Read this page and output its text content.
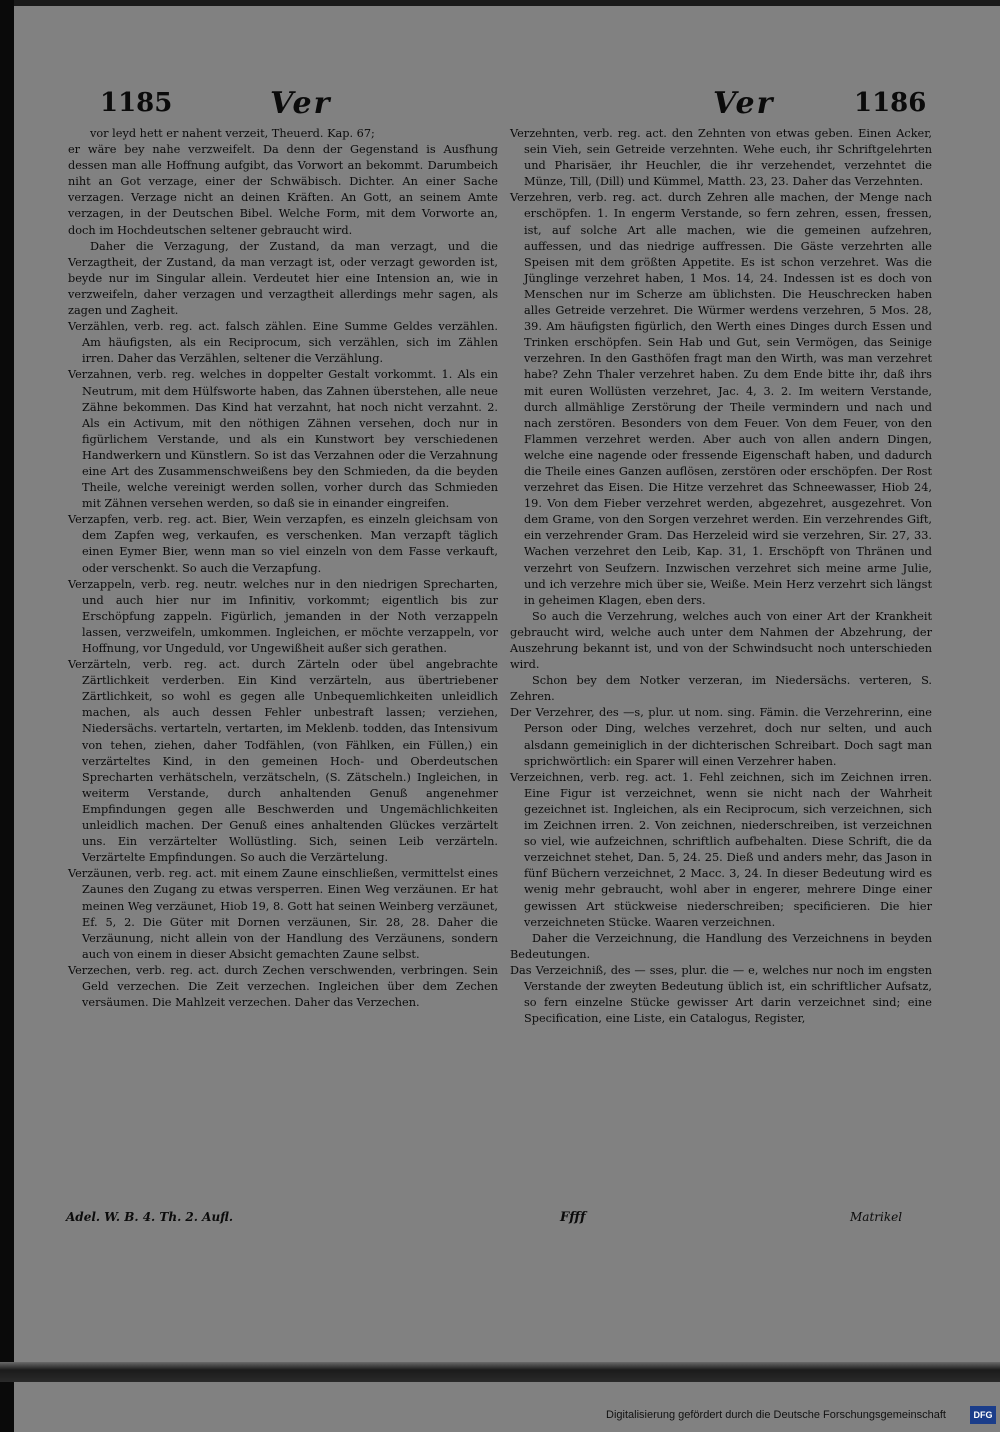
1185	Ver	Ver	1186

vor leyd hett er nahent verzeit, Theuerd. Kap. 67;

er wäre bey nahe verzweifelt. Da denn der Gegenstand is Ausfhung dessen man alle Hoffnung aufgibt, das Vorwort an bekommt. Darumbeich niht an Got verzage, einer der Schwäbisch. Dichter. An einer Sache verzagen. Verzage nicht an deinen Kräften. An Gott, an seinem Amte verzagen, in der Deutschen Bibel. Welche Form, mit dem Vorworte an, doch im Hochdeutschen seltener gebraucht wird.

Daher die Verzagung, der Zustand, da man verzagt, und die Verzagtheit, der Zustand, da man verzagt ist, oder verzagt geworden ist, beyde nur im Singular allein. Verdeutet hier eine Intension an, wie in verzweifeln, daher verzagen und verzagtheit allerdings mehr sagen, als zagen und Zagheit.

Verzählen, verb. reg. act. falsch zählen. Eine Summe Geldes verzählen. Am häufigsten, als ein Reciprocum, sich verzählen, sich im Zählen irren. Daher das Verzählen, seltener die Verzählung.

Verzahnen, verb. reg. welches in doppelter Gestalt vorkommt. 1. Als ein Neutrum, mit dem Hülfsworte haben, das Zahnen überstehen, alle neue Zähne bekommen. Das Kind hat verzahnt, hat noch nicht verzahnt. 2. Als ein Activum, mit den nöthigen Zähnen versehen, doch nur in figürlichem Verstande, und als ein Kunstwort bey verschiedenen Handwerkern und Künstlern. So ist das Verzahnen oder die Verzahnung eine Art des Zusammenschweißens bey den Schmieden, da die beyden Theile, welche vereinigt werden sollen, vorher durch das Schmieden mit Zähnen versehen werden, so daß sie in einander eingreifen.

Verzapfen, verb. reg. act. Bier, Wein verzapfen, es einzeln gleichsam von dem Zapfen weg, verkaufen, es verschenken. Man verzapft täglich einen Eymer Bier, wenn man so viel einzeln von dem Fasse verkauft, oder verschenkt. So auch die Verzapfung.

Verzappeln, verb. reg. neutr. welches nur in den niedrigen Sprecharten, und auch hier nur im Infinitiv, vorkommt; eigentlich bis zur Erschöpfung zappeln. Figürlich, jemanden in der Noth verzappeln lassen, verzweifeln, umkommen. Ingleichen, er möchte verzappeln, vor Hoffnung, vor Ungeduld, vor Ungewißheit außer sich gerathen.

Verzärteln, verb. reg. act. durch Zärteln oder übel angebrachte Zärtlichkeit verderben. Ein Kind verzärteln, aus übertriebener Zärtlichkeit, so wohl es gegen alle Unbequemlichkeiten unleidlich machen, als auch dessen Fehler unbestraft lassen; verziehen, Niedersächs. vertarteln, vertarten, im Meklenb. todden, das Intensivum von tehen, ziehen, daher Todfählen, (von Fählken, ein Füllen,) ein verzärteltes Kind, in den gemeinen Hoch- und Oberdeutschen Sprecharten verhätscheln, verzätscheln, (S. Zätscheln.) Ingleichen, in weiterm Verstande, durch anhaltenden Genuß angenehmer Empfindungen gegen alle Beschwerden und Ungemächlichkeiten unleidlich machen. Der Genuß eines anhaltenden Glückes verzärtelt uns. Ein verzärtelter Wollüstling. Sich, seinen Leib verzärteln. Verzärtelte Empfindungen. So auch die Verzärtelung.

Verzäunen, verb. reg. act. mit einem Zaune einschließen, vermittelst eines Zaunes den Zugang zu etwas versperren. Einen Weg verzäunen. Er hat meinen Weg verzäunet, Hiob 19, 8. Gott hat seinen Weinberg verzäunet, Ef. 5, 2. Die Güter mit Dornen verzäunen, Sir. 28, 28. Daher die Verzäunung, nicht allein von der Handlung des Verzäunens, sondern auch von einem in dieser Absicht gemachten Zaune selbst.

Verzechen, verb. reg. act. durch Zechen verschwenden, verbringen. Sein Geld verzechen. Die Zeit verzechen. Ingleichen über dem Zechen versäumen. Die Mahlzeit verzechen. Daher das Verzechen.

Verzehnten, verb. reg. act. den Zehnten von etwas geben. Einen Acker, sein Vieh, sein Getreide verzehnten. Wehe euch, ihr Schriftgelehrten und Pharisäer, ihr Heuchler, die ihr verzehendet, verzehntet die Münze, Till, (Dill) und Kümmel, Matth. 23, 23. Daher das Verzehnten.

Verzehren, verb. reg. act. durch Zehren alle machen, der Menge nach erschöpfen. 1. In engerm Verstande, so fern zehren, essen, fressen, ist, auf solche Art alle machen, wie die gemeinen aufzehren, auffessen, und das niedrige auffressen. Die Gäste verzehrten alle Speisen mit dem größten Appetite. Es ist schon verzehret. Was die Jünglinge verzehret haben, 1 Mos. 14, 24. Indessen ist es doch von Menschen nur im Scherze am üblichsten. Die Heuschrecken haben alles Getreide verzehret. Die Würmer werdens verzehren, 5 Mos. 28, 39. Am häufigsten figürlich, den Werth eines Dinges durch Essen und Trinken erschöpfen. Sein Hab und Gut, sein Vermögen, das Seinige verzehren. In den Gasthöfen fragt man den Wirth, was man verzehret habe? Zehn Thaler verzehret haben. Zu dem Ende bitte ihr, daß ihrs mit euren Wollüsten verzehret, Jac. 4, 3. 2. Im weitern Verstande, durch allmählige Zerstörung der Theile vermindern und nach und nach zerstören. Besonders von dem Feuer. Von dem Feuer, von den Flammen verzehret werden. Aber auch von allen andern Dingen, welche eine nagende oder fressende Eigenschaft haben, und dadurch die Theile eines Ganzen auflösen, zerstören oder erschöpfen. Der Rost verzehret das Eisen. Die Hitze verzehret das Schneewasser, Hiob 24, 19. Von dem Fieber verzehret werden, abgezehret, ausgezehret. Von dem Grame, von den Sorgen verzehret werden. Ein verzehrendes Gift, ein verzehrender Gram. Das Herzeleid wird sie verzehren, Sir. 27, 33. Wachen verzehret den Leib, Kap. 31, 1. Erschöpft von Thränen und verzehrt von Seufzern. Inzwischen verzehret sich meine arme Julie, und ich verzehre mich über sie, Weiße. Mein Herz verzehrt sich längst in geheimen Klagen, eben ders.

So auch die Verzehrung, welches auch von einer Art der Krankheit gebraucht wird, welche auch unter dem Nahmen der Abzehrung, der Auszehrung bekannt ist, und von der Schwindsucht noch unterschieden wird.

Schon bey dem Notker verzeran, im Niedersächs. verteren, S. Zehren.

Der Verzehrer, des —s, plur. ut nom. sing. Fämin. die Verzehrerinn, eine Person oder Ding, welches verzehret, doch nur selten, und auch alsdann gemeiniglich in der dichterischen Schreibart. Doch sagt man sprichwörtlich: ein Sparer will einen Verzehrer haben.

Verzeichnen, verb. reg. act. 1. Fehl zeichnen, sich im Zeichnen irren. Eine Figur ist verzeichnet, wenn sie nicht nach der Wahrheit gezeichnet ist. Ingleichen, als ein Reciprocum, sich verzeichnen, sich im Zeichnen irren. 2. Von zeichnen, niederschreiben, ist verzeichnen so viel, wie aufzeichnen, schriftlich aufbehalten. Diese Schrift, die da verzeichnet stehet, Dan. 5, 24. 25. Dieß und anders mehr, das Jason in fünf Büchern verzeichnet, 2 Macc. 3, 24. In dieser Bedeutung wird es wenig mehr gebraucht, wohl aber in engerer, mehrere Dinge einer gewissen Art stückweise niederschreiben; specificieren. Die hier verzeichneten Stücke. Waaren verzeichnen.

Daher die Verzeichnung, die Handlung des Verzeichnens in beyden Bedeutungen.

Das Verzeichniß, des — sses, plur. die — e, welches nur noch im engsten Verstande der zweyten Bedeutung üblich ist, ein schriftlicher Aufsatz, so fern einzelne Stücke gewisser Art darin verzeichnet sind; eine Specification, eine Liste, ein Catalogus, Register,

Adel. W. B. 4. Th. 2. Aufl.	Ffff	Matrikel
Digitalisierung gefördert durch die Deutsche Forschungsgemeinschaft	DFG
